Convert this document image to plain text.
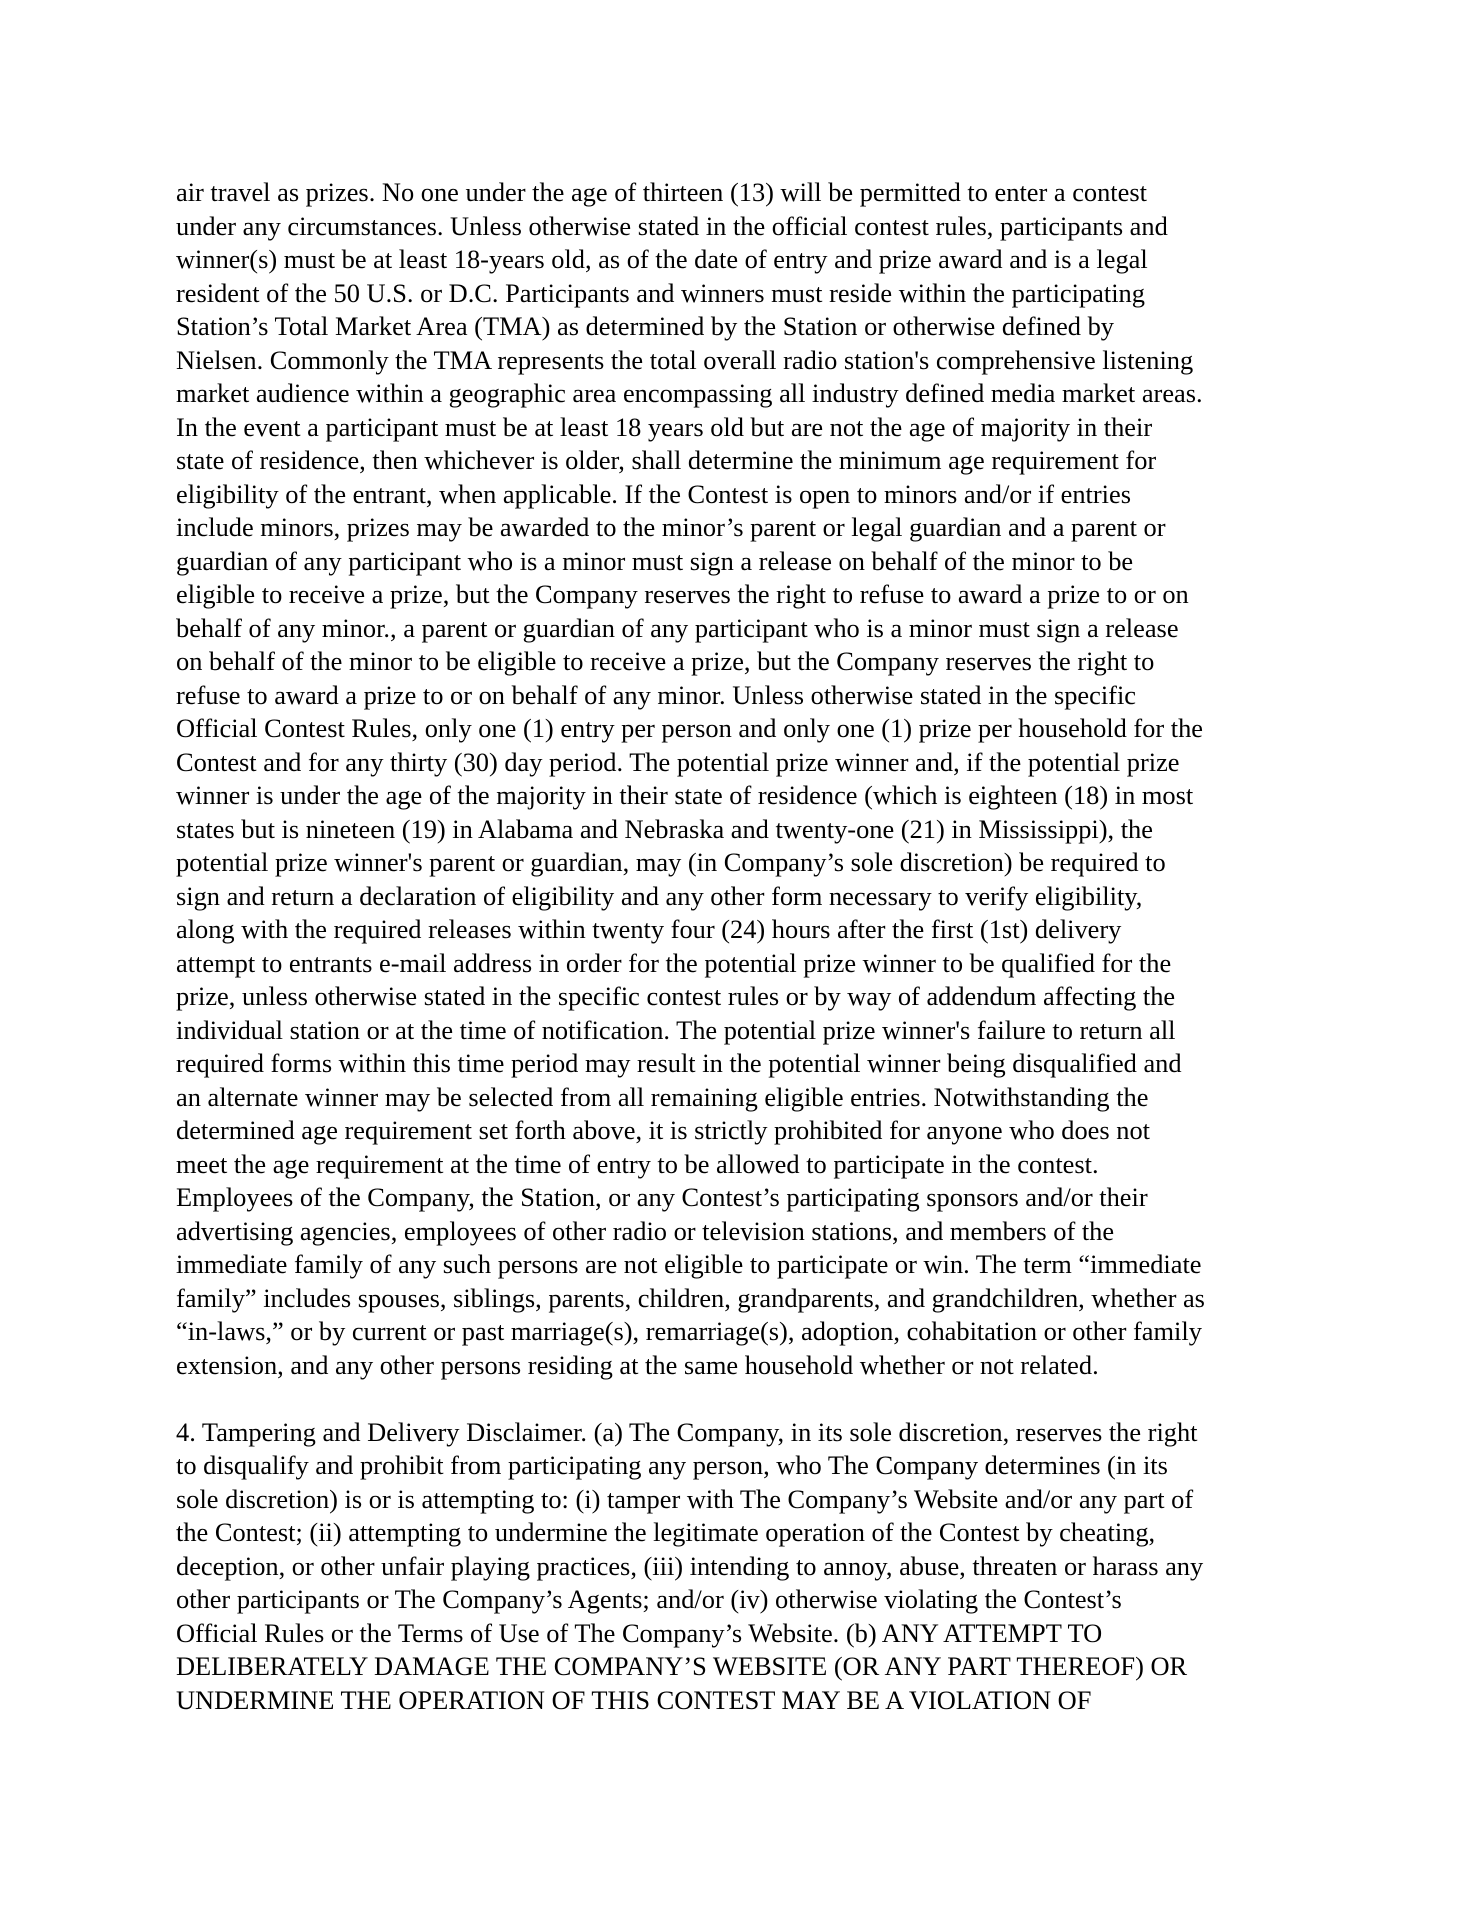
air travel as prizes. No one under the age of thirteen (13) will be permitted to enter a contest
under any circumstances. Unless otherwise stated in the official contest rules, participants and
winner(s) must be at least 18-years old, as of the date of entry and prize award and is a legal
resident of the 50 U.S. or D.C. Participants and winners must reside within the participating
Station’s Total Market Area (TMA) as determined by the Station or otherwise defined by
Nielsen. Commonly the TMA represents the total overall radio station's comprehensive listening
market audience within a geographic area encompassing all industry defined media market areas.
In the event a participant must be at least 18 years old but are not the age of majority in their
state of residence, then whichever is older, shall determine the minimum age requirement for
eligibility of the entrant, when applicable. If the Contest is open to minors and/or if entries
include minors, prizes may be awarded to the minor’s parent or legal guardian and a parent or
guardian of any participant who is a minor must sign a release on behalf of the minor to be
eligible to receive a prize, but the Company reserves the right to refuse to award a prize to or on
behalf of any minor., a parent or guardian of any participant who is a minor must sign a release
on behalf of the minor to be eligible to receive a prize, but the Company reserves the right to
refuse to award a prize to or on behalf of any minor. Unless otherwise stated in the specific
Official Contest Rules, only one (1) entry per person and only one (1) prize per household for the
Contest and for any thirty (30) day period. The potential prize winner and, if the potential prize
winner is under the age of the majority in their state of residence (which is eighteen (18) in most
states but is nineteen (19) in Alabama and Nebraska and twenty-one (21) in Mississippi), the
potential prize winner's parent or guardian, may (in Company’s sole discretion) be required to
sign and return a declaration of eligibility and any other form necessary to verify eligibility,
along with the required releases within twenty four (24) hours after the first (1st) delivery
attempt to entrants e-mail address in order for the potential prize winner to be qualified for the
prize, unless otherwise stated in the specific contest rules or by way of addendum affecting the
individual station or at the time of notification. The potential prize winner's failure to return all
required forms within this time period may result in the potential winner being disqualified and
an alternate winner may be selected from all remaining eligible entries. Notwithstanding the
determined age requirement set forth above, it is strictly prohibited for anyone who does not
meet the age requirement at the time of entry to be allowed to participate in the contest.
Employees of the Company, the Station, or any Contest’s participating sponsors and/or their
advertising agencies, employees of other radio or television stations, and members of the
immediate family of any such persons are not eligible to participate or win. The term “immediate
family” includes spouses, siblings, parents, children, grandparents, and grandchildren, whether as
“in-laws,” or by current or past marriage(s), remarriage(s), adoption, cohabitation or other family
extension, and any other persons residing at the same household whether or not related.
4. Tampering and Delivery Disclaimer. (a) The Company, in its sole discretion, reserves the right
to disqualify and prohibit from participating any person, who The Company determines (in its
sole discretion) is or is attempting to: (i) tamper with The Company’s Website and/or any part of
the Contest; (ii) attempting to undermine the legitimate operation of the Contest by cheating,
deception, or other unfair playing practices, (iii) intending to annoy, abuse, threaten or harass any
other participants or The Company’s Agents; and/or (iv) otherwise violating the Contest’s
Official Rules or the Terms of Use of The Company’s Website. (b) ANY ATTEMPT TO
DELIBERATELY DAMAGE THE COMPANY’S WEBSITE (OR ANY PART THEREOF) OR
UNDERMINE THE OPERATION OF THIS CONTEST MAY BE A VIOLATION OF
